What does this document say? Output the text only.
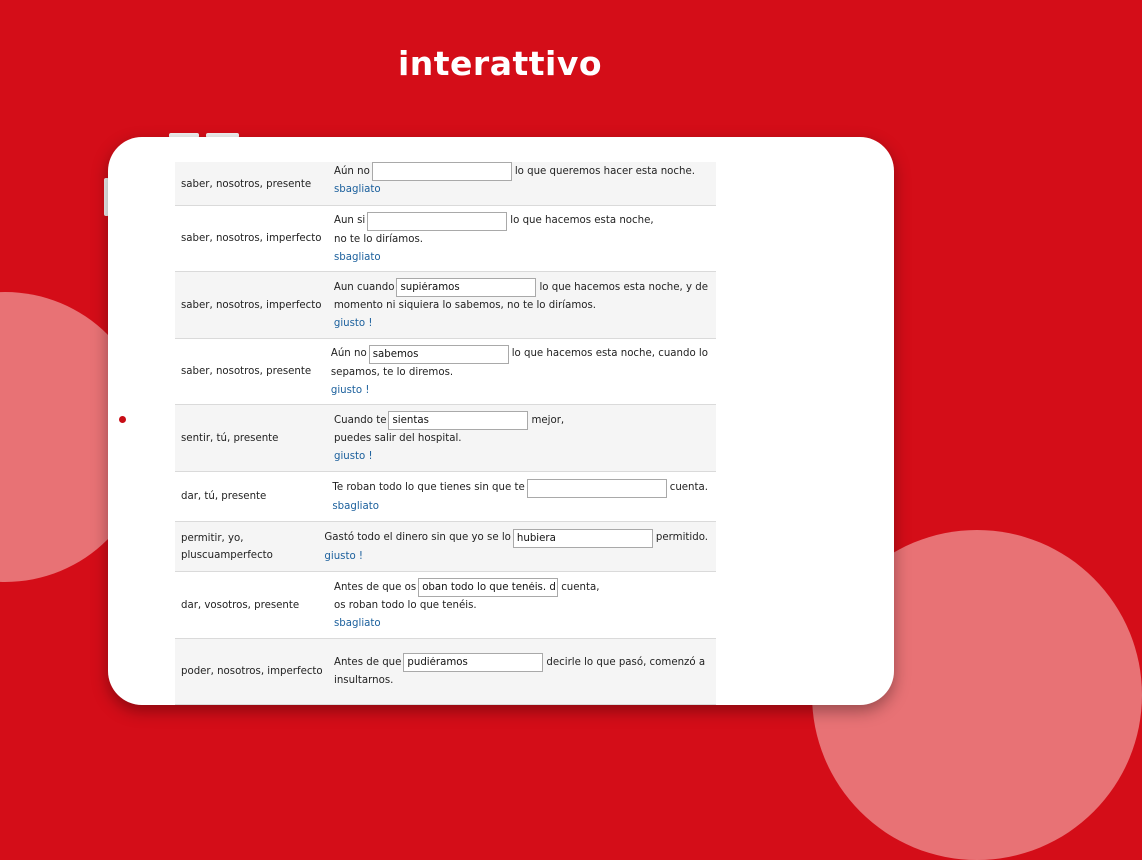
interattivo
saber, nosotros, presente
Aún no	lo que queremos hacer esta noche.
sbagliato
saber, nosotros, imperfecto
Aun si	lo que hacemos esta noche,
no te lo diríamos.
sbagliato
saber, nosotros, imperfecto
Aun cuando
supiéramos	lo que hacemos esta noche, y de
momento ni siquiera lo sabemos, no te lo diríamos.
giusto !
saber, nosotros, presente
Aún no
sabemos	lo que hacemos esta noche, cuando lo
sepamos, te lo diremos.
giusto !
sentir, tú, presente
Cuando te
sientas	mejor,
puedes salir del hospital.
giusto !
dar, tú, presente
Te roban todo lo que tienes sin que te	cuenta.
sbagliato
permitir, yo, pluscuamperfecto
Gastó todo el dinero sin que yo se lo
hubiera	permitido.
giusto !
dar, vosotros, presente
Antes de que os
oban todo lo que tenéis. deis	cuenta,
os roban todo lo que tenéis.
sbagliato
poder, nosotros, imperfecto
Antes de que
pudiéramos	decirle lo que pasó, comenzó a
insultarnos.
